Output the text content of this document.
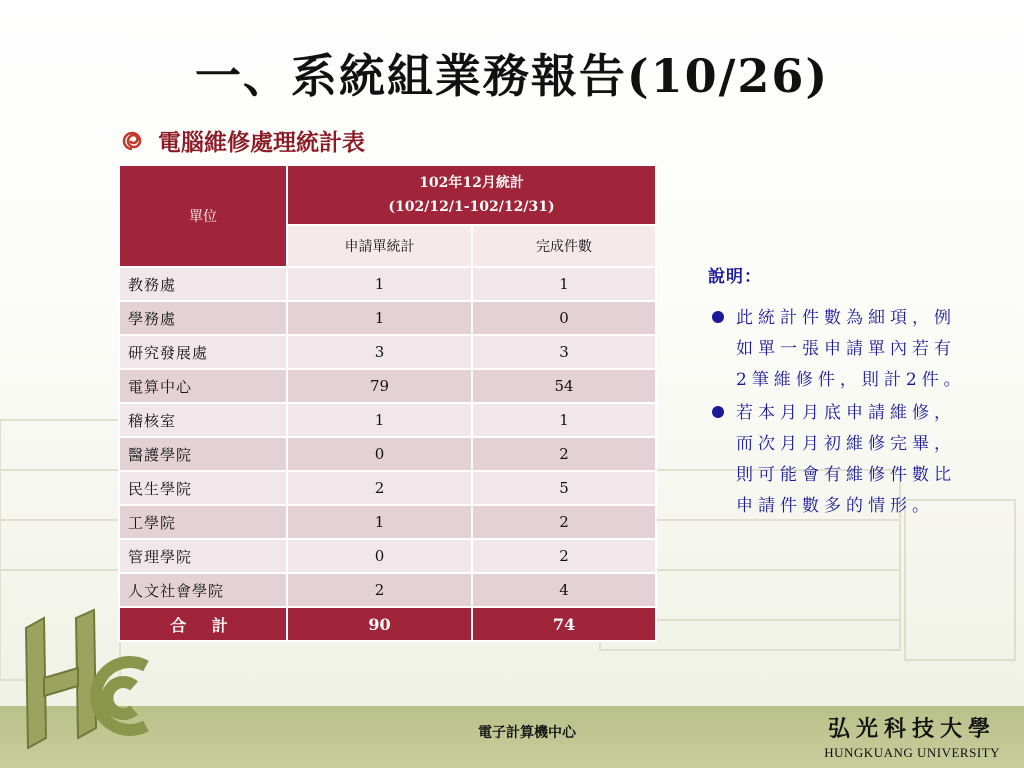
一、系統組業務報告(10/26)
電腦維修處理統計表
單位	102年12月統計
(102/12/1-102/12/31)	

	申請單統計	完成件數
教務處	1	1
學務處	1	0
研究發展處	3	3
電算中心	79	54
稽核室	1	1
醫護學院	0	2
民生學院	2	5
工學院	1	2
管理學院	0	2
人文社會學院	2	4
合 計	90	74
說明：
此統計件數為細項，例如單一張申請單內若有2筆維修件，則計2件。
若本月月底申請維修，而次月月初維修完畢，則可能會有維修件數比申請件數多的情形。
電子計算機中心	弘光科技大學
HUNGKUANG UNIVERSITY
